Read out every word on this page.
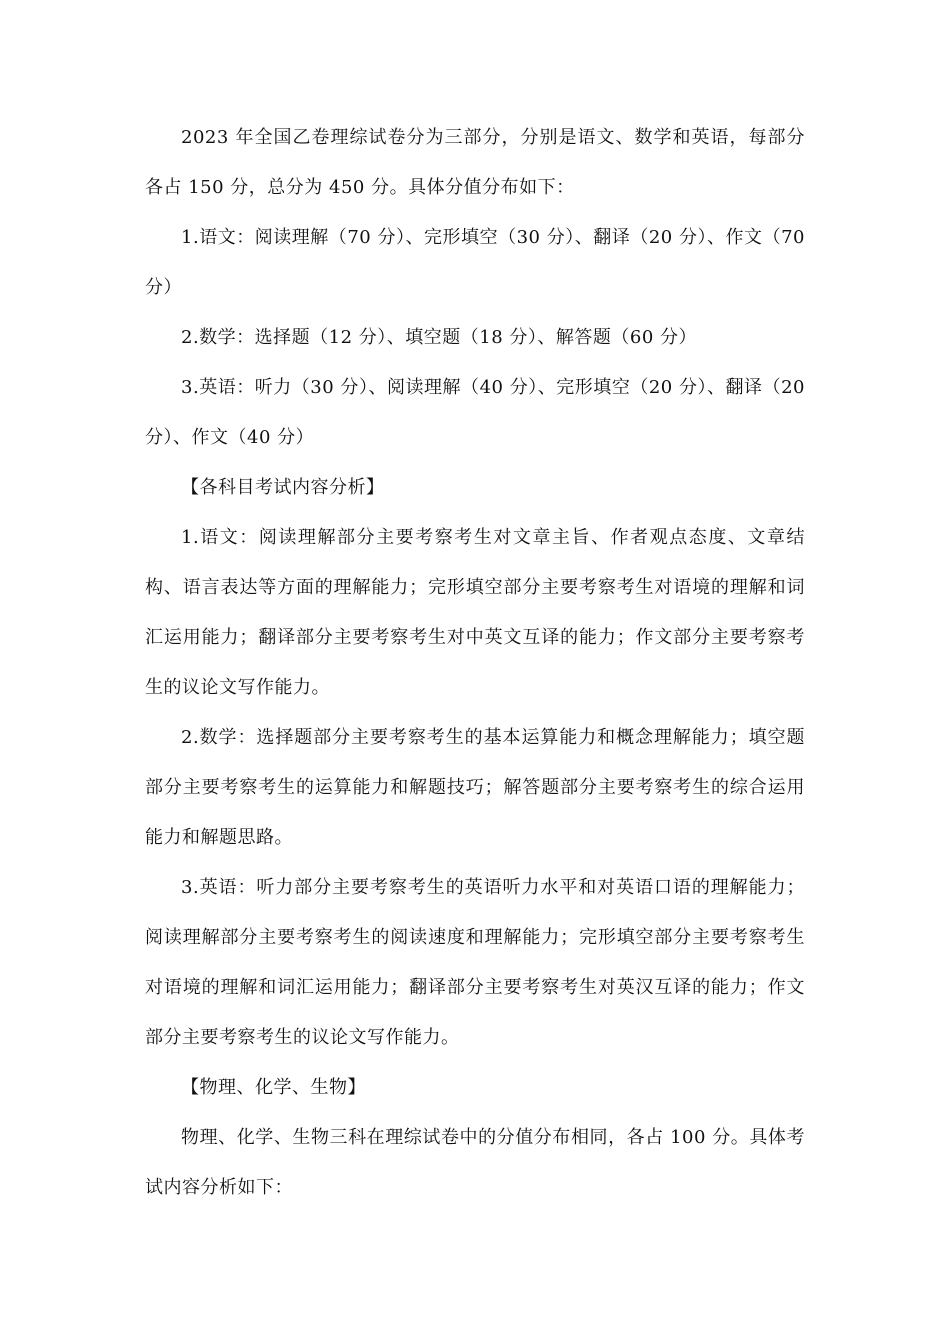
2023 年全国乙卷理综试卷分为三部分，分别是语文、数学和英语，每部分各占 150 分，总分为 450 分。具体分值分布如下：

1.语文：阅读理解（70 分）、完形填空（30 分）、翻译（20 分）、作文（70 分）

2.数学：选择题（12 分）、填空题（18 分）、解答题（60 分）

3.英语：听力（30 分）、阅读理解（40 分）、完形填空（20 分）、翻译（20 分）、作文（40 分）

【各科目考试内容分析】

1.语文：阅读理解部分主要考察考生对文章主旨、作者观点态度、文章结构、语言表达等方面的理解能力；完形填空部分主要考察考生对语境的理解和词汇运用能力；翻译部分主要考察考生对中英文互译的能力；作文部分主要考察考生的议论文写作能力。

2.数学：选择题部分主要考察考生的基本运算能力和概念理解能力；填空题部分主要考察考生的运算能力和解题技巧；解答题部分主要考察考生的综合运用能力和解题思路。

3.英语：听力部分主要考察考生的英语听力水平和对英语口语的理解能力；阅读理解部分主要考察考生的阅读速度和理解能力；完形填空部分主要考察考生对语境的理解和词汇运用能力；翻译部分主要考察考生对英汉互译的能力；作文部分主要考察考生的议论文写作能力。

【物理、化学、生物】

物理、化学、生物三科在理综试卷中的分值分布相同，各占 100 分。具体考试内容分析如下：
